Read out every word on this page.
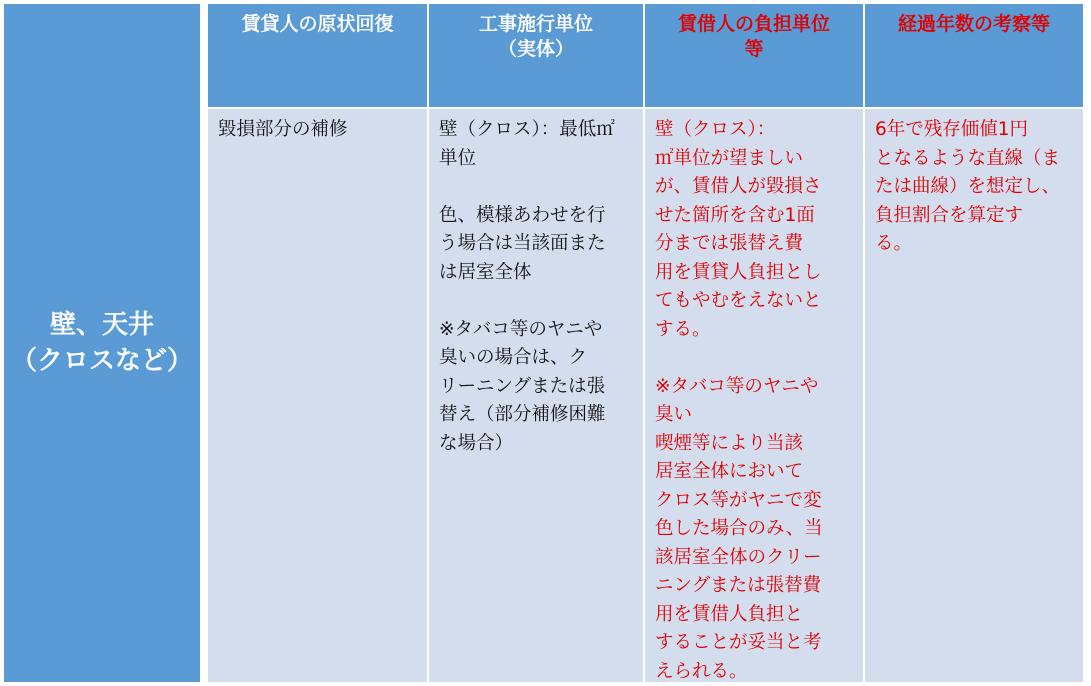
壁、天井
（クロスなど）
賃貸人の原状回復	工事施行単位
（実体）
賃借人の負担単位
等
経過年数の考察等
毀損部分の補修	壁（クロス）：最低㎡
単位
色、模様あわせを行
う場合は当該面また
は居室全体
※タバコ等のヤニや
臭いの場合は、ク
リーニングまたは張
替え（部分補修困難
な場合）
壁（クロス）：
㎡単位が望ましい
が、賃借人が毀損さ
せた箇所を含む1面
分までは張替え費
用を賃貸人負担とし
てもやむをえないと
する。
※タバコ等のヤニや
臭い
喫煙等により当該
居室全体において
クロス等がヤニで変
色した場合のみ、当
該居室全体のクリー
ニングまたは張替費
用を賃借人負担と
することが妥当と考
えられる。
6年で残存価値1円
となるような直線（ま
たは曲線）を想定し、
負担割合を算定す
る。
